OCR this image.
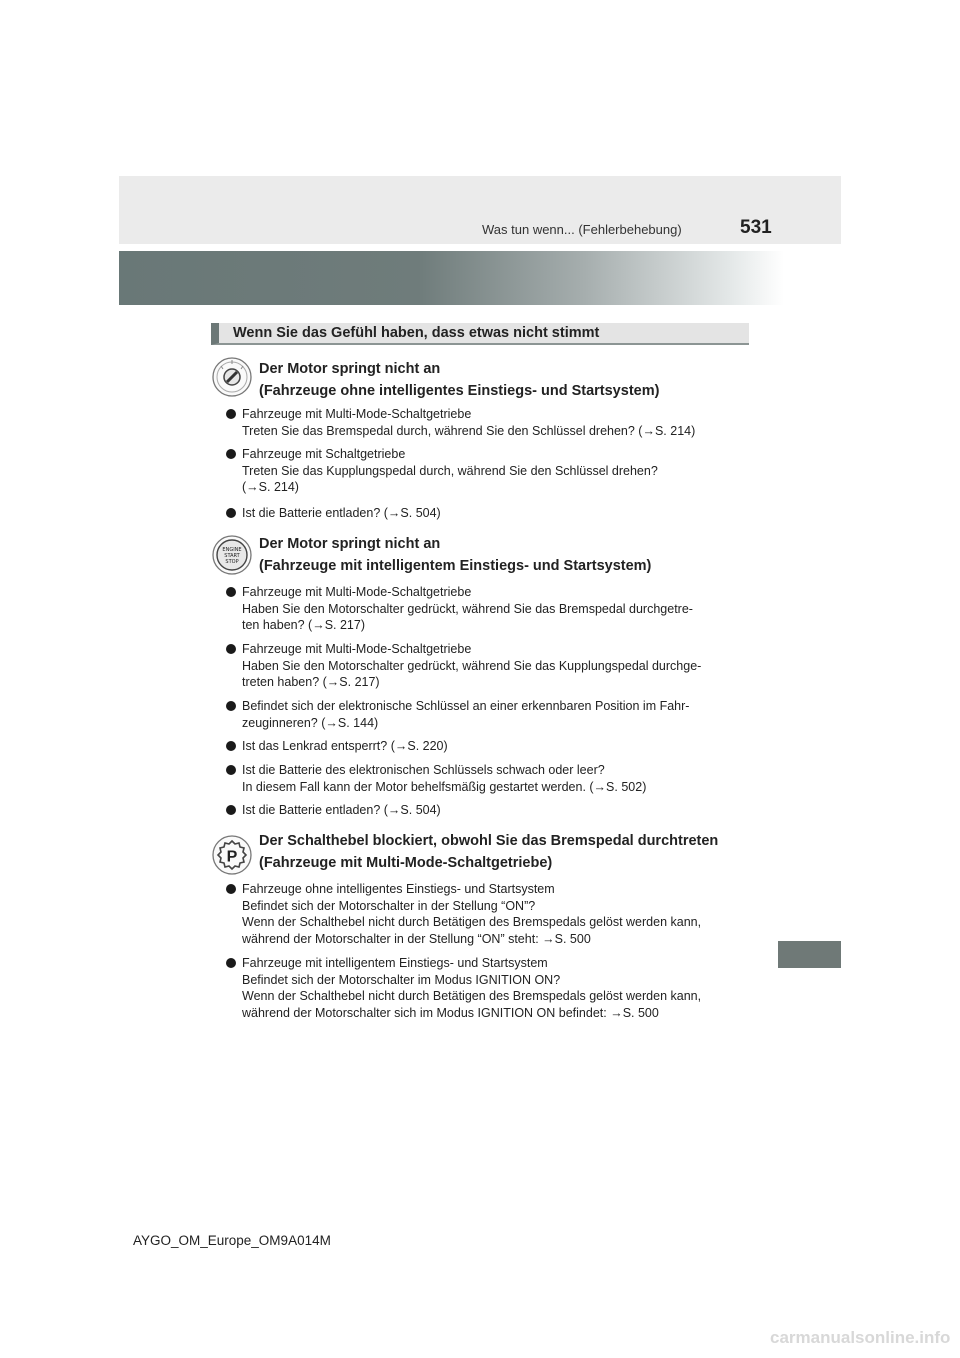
Was tun wenn... (Fehlerbehebung)	531
Wenn Sie das Gefühl haben, dass etwas nicht stimmt
Der Motor springt nicht an
(Fahrzeuge ohne intelligentes Einstiegs- und Startsystem)
Fahrzeuge mit Multi-Mode-Schaltgetriebe
Treten Sie das Bremspedal durch, während Sie den Schlüssel drehen? (→S. 214)
Fahrzeuge mit Schaltgetriebe
Treten Sie das Kupplungspedal durch, während Sie den Schlüssel drehen?
(→S. 214)
Ist die Batterie entladen? (→S. 504)
ENGINE
START
STOP
Der Motor springt nicht an
(Fahrzeuge mit intelligentem Einstiegs- und Startsystem)
Fahrzeuge mit Multi-Mode-Schaltgetriebe
Haben Sie den Motorschalter gedrückt, während Sie das Bremspedal durchgetre-
ten haben? (→S. 217)
Fahrzeuge mit Multi-Mode-Schaltgetriebe
Haben Sie den Motorschalter gedrückt, während Sie das Kupplungspedal durchge-
treten haben? (→S. 217)
Befindet sich der elektronische Schlüssel an einer erkennbaren Position im Fahr-
zeuginneren? (→S. 144)
Ist das Lenkrad entsperrt? (→S. 220)
Ist die Batterie des elektronischen Schlüssels schwach oder leer?
In diesem Fall kann der Motor behelfsmäßig gestartet werden. (→S. 502)
Ist die Batterie entladen? (→S. 504)
P
Der Schalthebel blockiert, obwohl Sie das Bremspedal durchtreten
(Fahrzeuge mit Multi-Mode-Schaltgetriebe)
Fahrzeuge ohne intelligentes Einstiegs- und Startsystem
Befindet sich der Motorschalter in der Stellung “ON”?
Wenn der Schalthebel nicht durch Betätigen des Bremspedals gelöst werden kann,
während der Motorschalter in der Stellung “ON” steht: →S. 500
Fahrzeuge mit intelligentem Einstiegs- und Startsystem
Befindet sich der Motorschalter im Modus IGNITION ON?
Wenn der Schalthebel nicht durch Betätigen des Bremspedals gelöst werden kann,
während der Motorschalter sich im Modus IGNITION ON befindet: →S. 500
AYGO_OM_Europe_OM9A014M
carmanualsonline.info
